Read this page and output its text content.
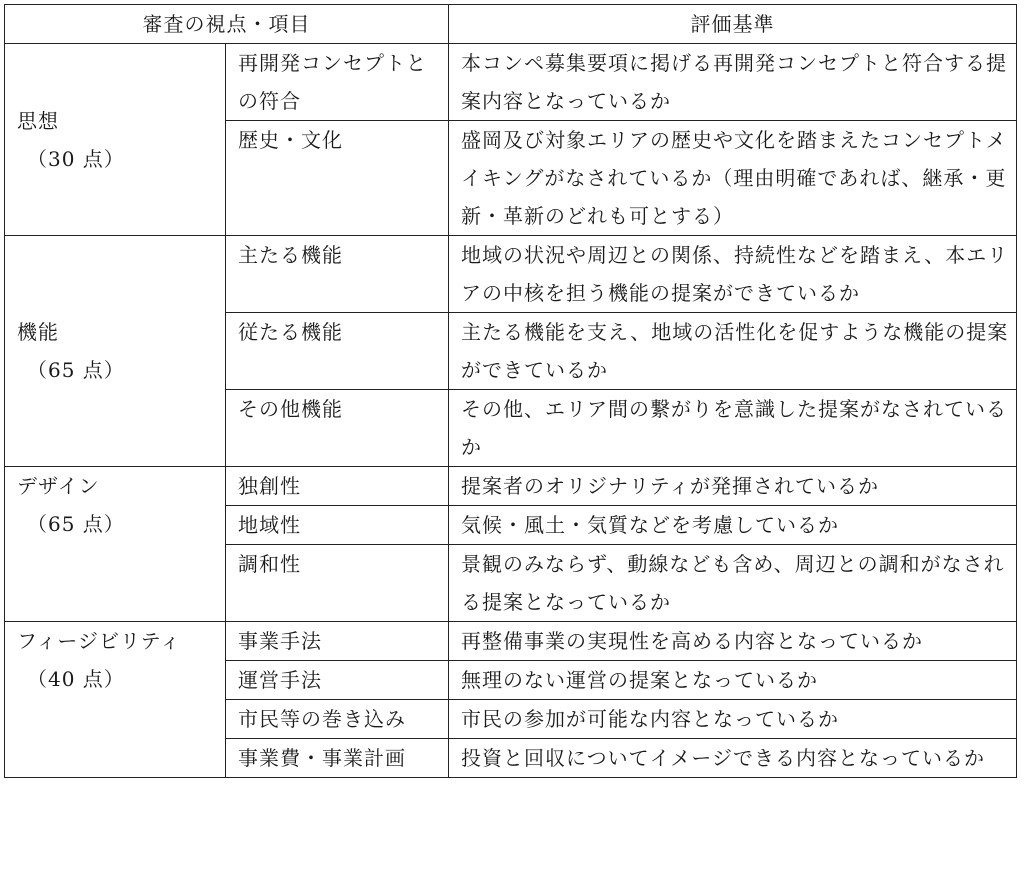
審査の視点・項目		評価基準
思想
（30 点）	再開発コンセプトとの符合	本コンペ募集要項に掲げる再開発コンセプトと符合する提案内容となっているか
	歴史・文化	盛岡及び対象エリアの歴史や文化を踏まえたコンセプトメイキングがなされているか（理由明確であれば、継承・更新・革新のどれも可とする）
機能
（65 点）	主たる機能	地域の状況や周辺との関係、持続性などを踏まえ、本エリアの中核を担う機能の提案ができているか
	従たる機能	主たる機能を支え、地域の活性化を促すような機能の提案ができているか
	その他機能	その他、エリア間の繋がりを意識した提案がなされているか
デザイン
（65 点）	独創性	提案者のオリジナリティが発揮されているか
	地域性	気候・風土・気質などを考慮しているか
	調和性	景観のみならず、動線なども含め、周辺との調和がなされる提案となっているか
フィージビリティ
（40 点）	事業手法	再整備事業の実現性を高める内容となっているか
	運営手法	無理のない運営の提案となっているか
	市民等の巻き込み	市民の参加が可能な内容となっているか
	事業費・事業計画	投資と回収についてイメージできる内容となっているか
